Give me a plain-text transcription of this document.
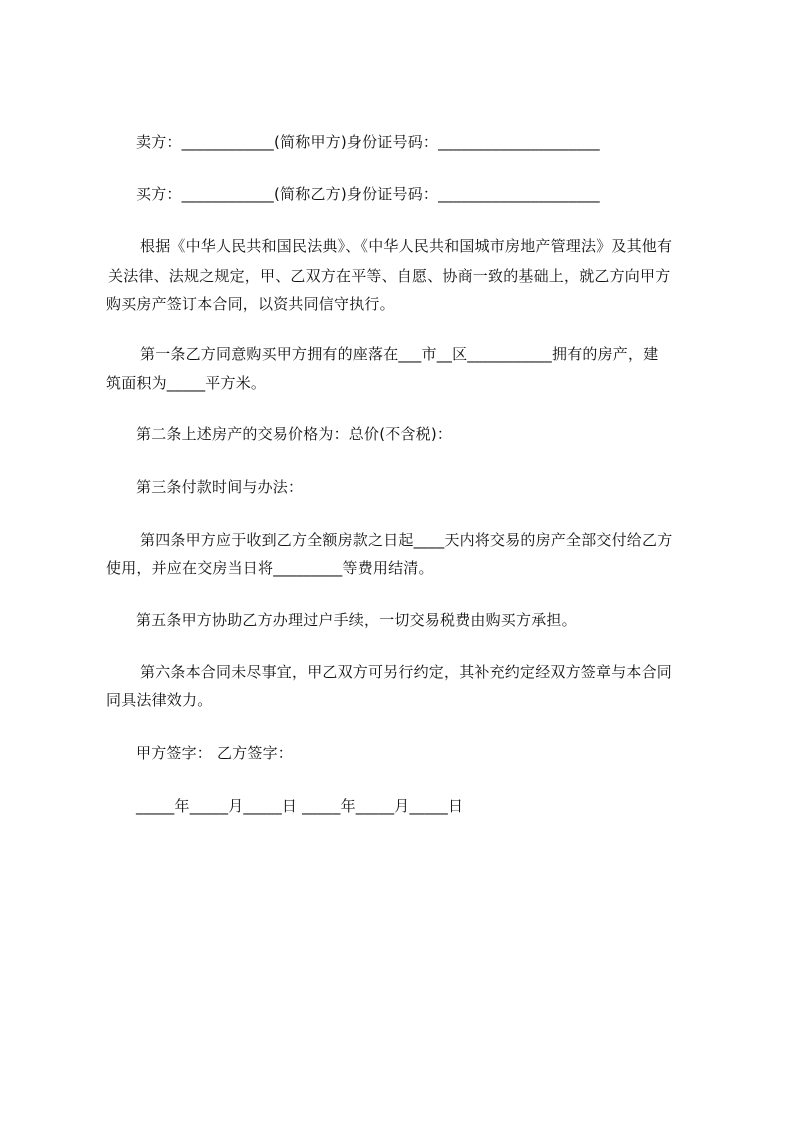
卖方：____________(简称甲方)身份证号码：_____________________
买方：____________(简称乙方)身份证号码：_____________________
根据《中华人民共和国民法典》、《中华人民共和国城市房地产管理法》及其他有
关法律、法规之规定，甲、乙双方在平等、自愿、协商一致的基础上，就乙方向甲方
购买房产签订本合同，以资共同信守执行。
第一条乙方同意购买甲方拥有的座落在___市__区___________拥有的房产，建
筑面积为_____平方米。
第二条上述房产的交易价格为：总价(不含税)：
第三条付款时间与办法：
第四条甲方应于收到乙方全额房款之日起____天内将交易的房产全部交付给乙方
使用，并应在交房当日将_________等费用结清。
第五条甲方协助乙方办理过户手续，一切交易税费由购买方承担。
第六条本合同未尽事宜，甲乙双方可另行约定，其补充约定经双方签章与本合同
同具法律效力。
甲方签字： 乙方签字：
_____年_____月_____日 _____年_____月_____日
